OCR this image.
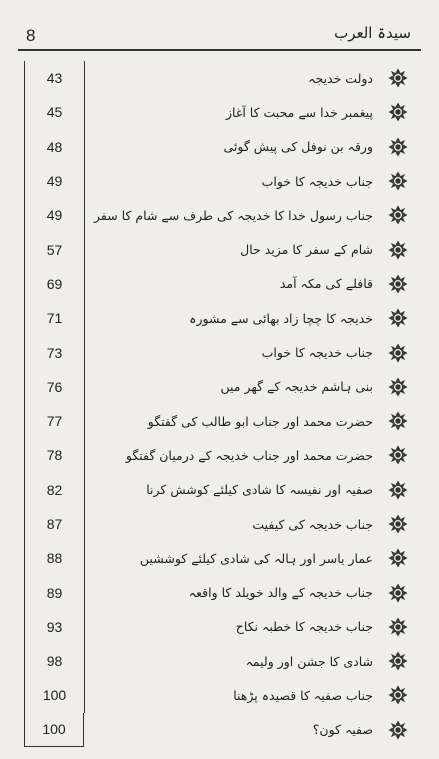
8	سیدۃ العرب
43	دولت خدیجہ
45	پیغمبر خدا سے محبت کا آغاز
48	ورقہ بن نوفل کی پیش گوئی
49	جناب خدیجہ کا خواب
49	جناب رسول خدا کا خدیجہ کی طرف سے شام کا سفر
57	شام کے سفر کا مزید حال
69	قافلے کی مکہ آمد
71	خدیجہ کا چچا زاد بھائی سے مشورہ
73	جناب خدیجہ کا خواب
76	بنی ہاشم خدیجہ کے گھر میں
77	حضرت محمد اور جناب ابو طالب کی گفتگو
78	حضرت محمد اور جناب خدیجہ کے درمیان گفتگو
82	صفیہ اور نفیسہ کا شادی کیلئے کوشش کرنا
87	جناب خدیجہ کی کیفیت
88	عمار یاسر اور ہالہ کی شادی کیلئے کوششیں
89	جناب خدیجہ کے والد خویلد کا واقعہ
93	جناب خدیجہ کا خطبہ نکاح
98	شادی کا جشن اور ولیمہ
100	جناب صفیہ کا قصیدہ پڑھنا
100	صفیہ کون؟
